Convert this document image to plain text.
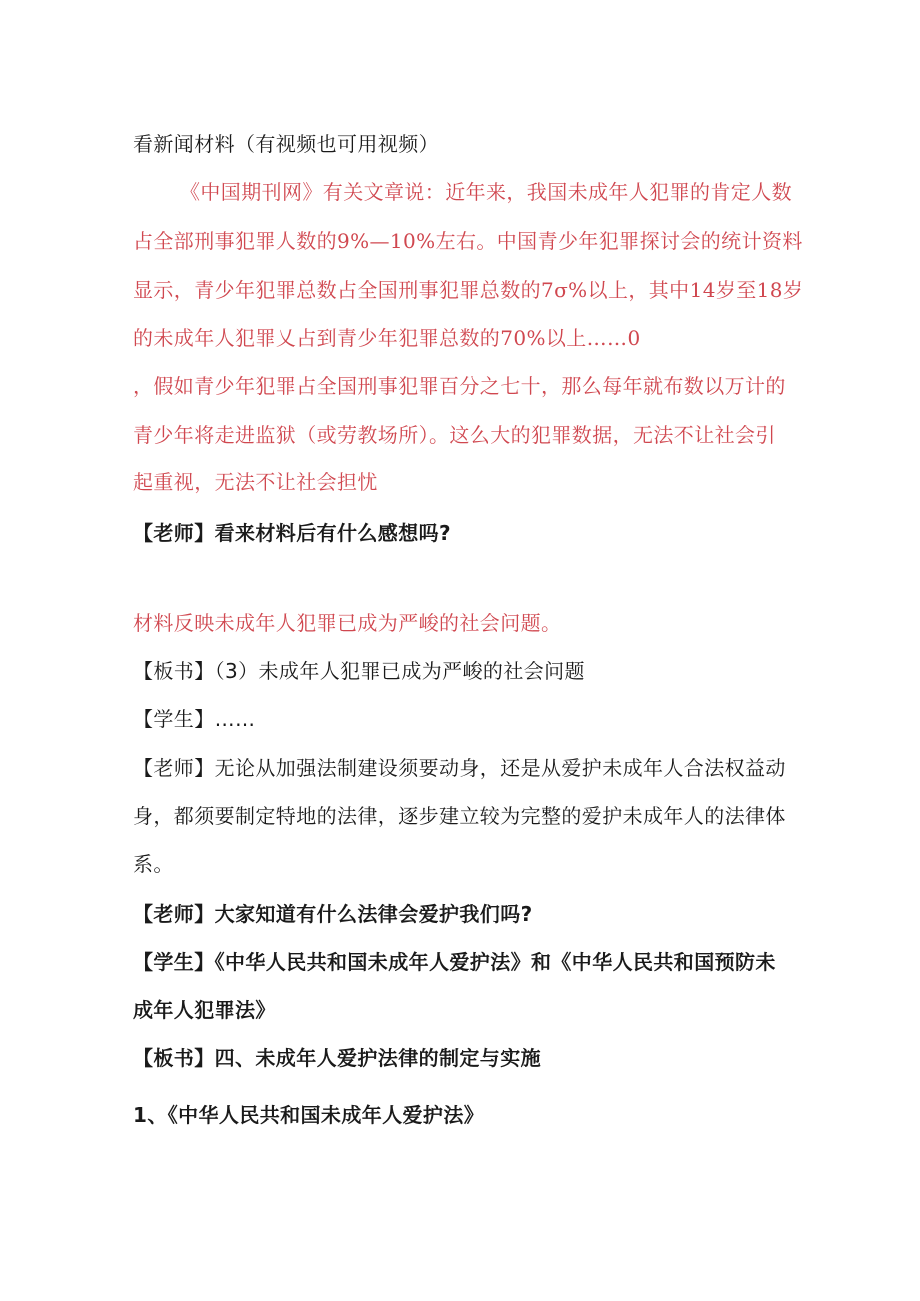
看新闻材料（有视频也可用视频）
《中国期刊网》有关文章说：近年来，我国未成年人犯罪的肯定人数
占全部刑事犯罪人数的9%—10%左右。中国青少年犯罪探讨会的统计资料
显示，青少年犯罪总数占全国刑事犯罪总数的7σ%以上，其中14岁至18岁
的未成年人犯罪乂占到青少年犯罪总数的70%以上……0
，假如青少年犯罪占全国刑事犯罪百分之七十，那么每年就布数以万计的
青少年将走进监狱（或劳教场所）。这么大的犯罪数据，无法不让社会引
起重视，无法不让社会担忧
【老师】看来材料后有什么感想吗?
材料反映未成年人犯罪已成为严峻的社会问题。
【板书】（3）未成年人犯罪已成为严峻的社会问题
【学生】……
【老师】无论从加强法制建设须要动身，还是从爱护未成年人合法权益动
身，都须要制定特地的法律，逐步建立较为完整的爱护未成年人的法律体
系。
【老师】大家知道有什么法律会爱护我们吗?
【学生】《中华人民共和国未成年人爱护法》和《中华人民共和国预防未
成年人犯罪法》
【板书】四、未成年人爱护法律的制定与实施
1、《中华人民共和国未成年人爱护法》
